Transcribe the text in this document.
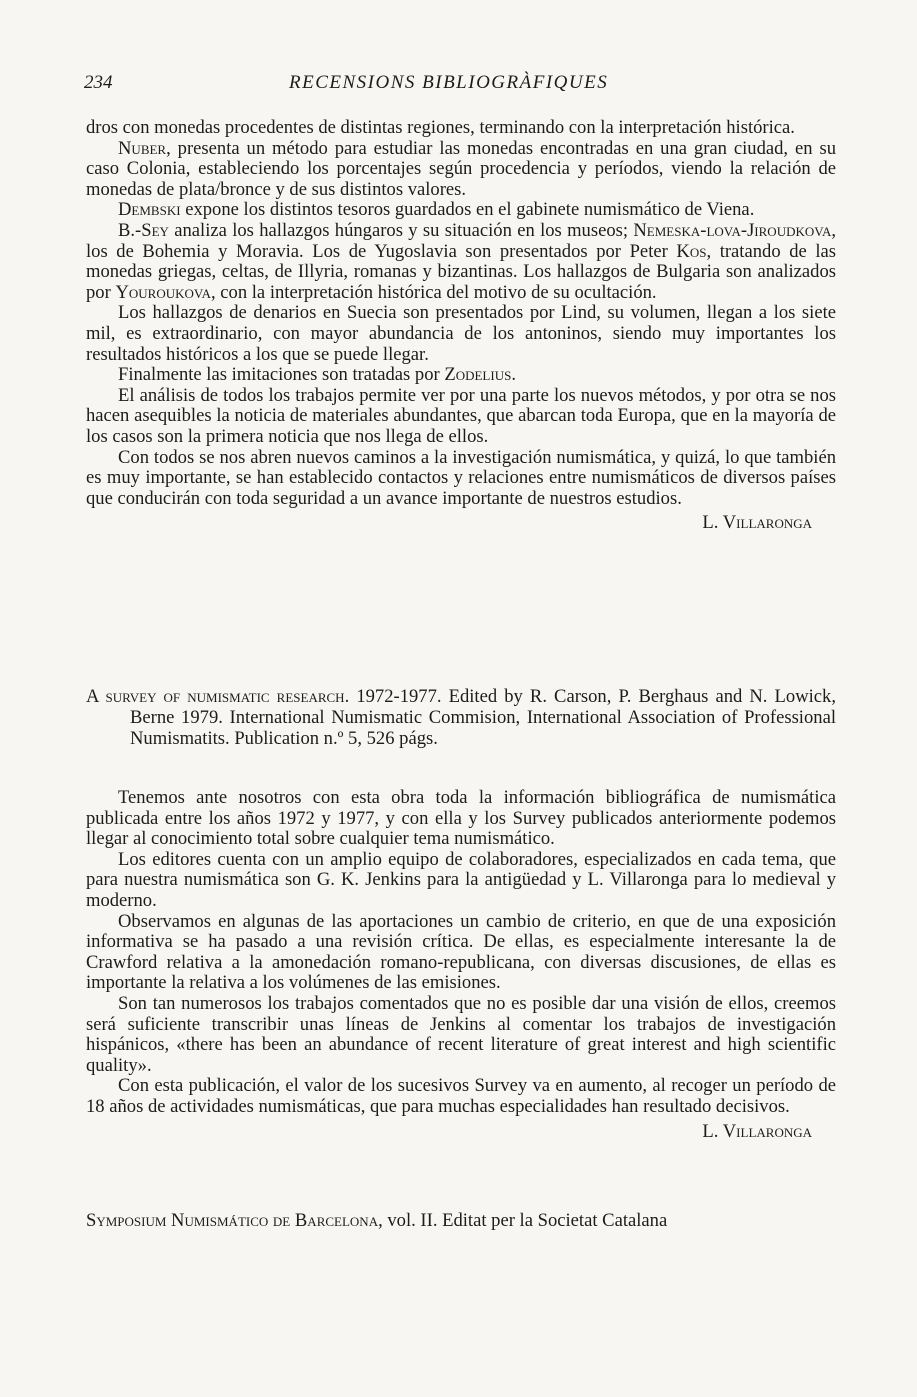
234	RECENSIONS BIBLIOGRÀFIQUES

dros con monedas procedentes de distintas regiones, terminando con la interpretación histórica.

Nuber, presenta un método para estudiar las monedas encontradas en una gran ciudad, en su caso Colonia, estableciendo los porcentajes según procedencia y períodos, viendo la relación de monedas de plata/bronce y de sus distintos valores.

Dembski expone los distintos tesoros guardados en el gabinete numismático de Viena.

B.-Sey analiza los hallazgos húngaros y su situación en los museos; Nemeska-lova-Jiroudkova, los de Bohemia y Moravia. Los de Yugoslavia son presentados por Peter Kos, tratando de las monedas griegas, celtas, de Illyria, romanas y bizantinas. Los hallazgos de Bulgaria son analizados por Youroukova, con la interpretación histórica del motivo de su ocultación.

Los hallazgos de denarios en Suecia son presentados por Lind, su volumen, llegan a los siete mil, es extraordinario, con mayor abundancia de los antoninos, siendo muy importantes los resultados históricos a los que se puede llegar.

Finalmente las imitaciones son tratadas por Zodelius.

El análisis de todos los trabajos permite ver por una parte los nuevos métodos, y por otra se nos hacen asequibles la noticia de materiales abundantes, que abarcan toda Europa, que en la mayoría de los casos son la primera noticia que nos llega de ellos.

Con todos se nos abren nuevos caminos a la investigación numismática, y quizá, lo que también es muy importante, se han establecido contactos y relaciones entre numismáticos de diversos países que conducirán con toda seguridad a un avance importante de nuestros estudios.

L. Villaronga

A survey of numismatic research. 1972-1977. Edited by R. Carson, P. Berghaus and N. Lowick, Berne 1979. International Numismatic Commision, International Association of Professional Numismatits. Publication n.º 5, 526 págs.

Tenemos ante nosotros con esta obra toda la información bibliográfica de numismática publicada entre los años 1972 y 1977, y con ella y los Survey publicados anteriormente podemos llegar al conocimiento total sobre cualquier tema numismático.

Los editores cuenta con un amplio equipo de colaboradores, especializados en cada tema, que para nuestra numismática son G. K. Jenkins para la antigüedad y L. Villaronga para lo medieval y moderno.

Observamos en algunas de las aportaciones un cambio de criterio, en que de una exposición informativa se ha pasado a una revisión crítica. De ellas, es especialmente interesante la de Crawford relativa a la amonedación romano-republicana, con diversas discusiones, de ellas es importante la relativa a los volúmenes de las emisiones.

Son tan numerosos los trabajos comentados que no es posible dar una visión de ellos, creemos será suficiente transcribir unas líneas de Jenkins al comentar los trabajos de investigación hispánicos, «there has been an abundance of recent literature of great interest and high scientific quality».

Con esta publicación, el valor de los sucesivos Survey va en aumento, al recoger un período de 18 años de actividades numismáticas, que para muchas especialidades han resultado decisivos.

L. Villaronga

Symposium Numismático de Barcelona, vol. II. Editat per la Societat Catalana
